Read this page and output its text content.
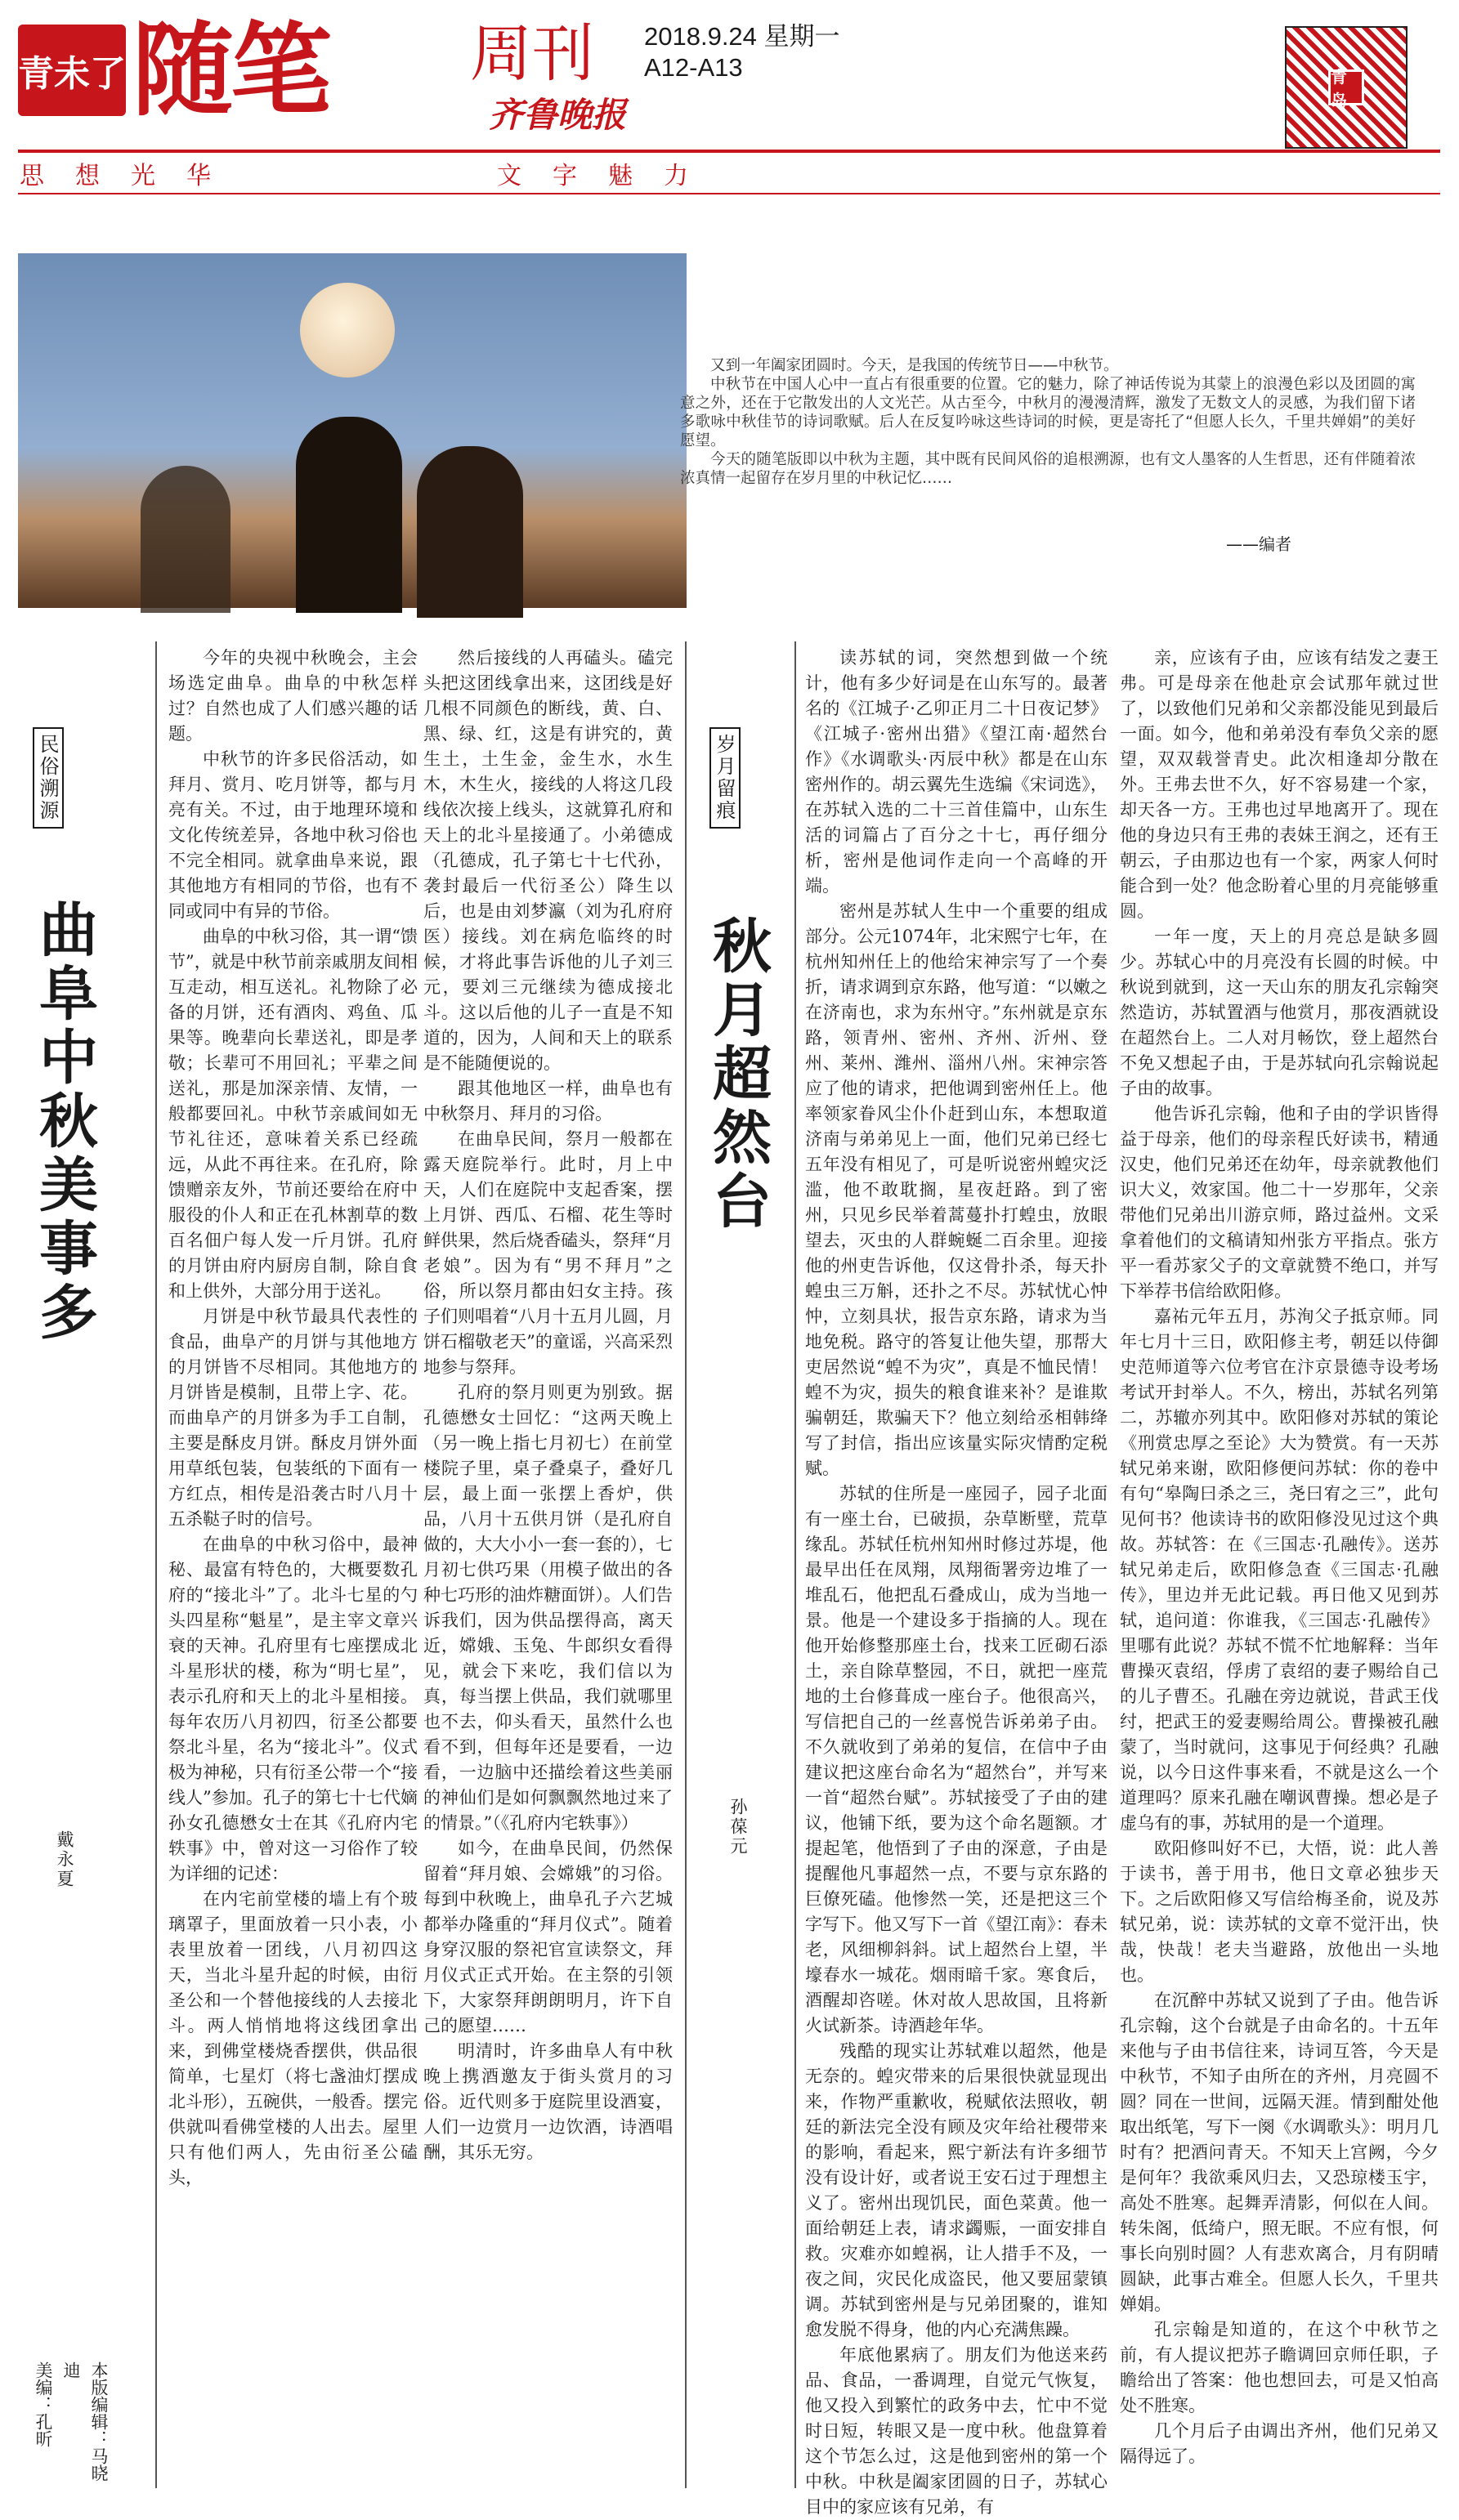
青未了 随笔 周刊
齐鲁晚报
2018.9.24 星期一
A12-A13	青岛
思想光华	文字魅力

又到一年阖家团圆时。今天，是我国的传统节日——中秋节。

中秋节在中国人心中一直占有很重要的位置。它的魅力，除了神话传说为其蒙上的浪漫色彩以及团圆的寓意之外，还在于它散发出的人文光芒。从古至今，中秋月的漫漫清辉，激发了无数文人的灵感，为我们留下诸多歌咏中秋佳节的诗词歌赋。后人在反复吟咏这些诗词的时候，更是寄托了“但愿人长久，千里共婵娟”的美好愿望。

今天的随笔版即以中秋为主题，其中既有民间风俗的追根溯源，也有文人墨客的人生哲思，还有伴随着浓浓真情一起留存在岁月里的中秋记忆……

——编者
民俗溯源
曲阜中秋美事多
戴永夏
本版编辑：马晓迪
美编：孔昕

今年的央视中秋晚会，主会场选定曲阜。曲阜的中秋怎样过？自然也成了人们感兴趣的话题。

中秋节的许多民俗活动，如拜月、赏月、吃月饼等，都与月亮有关。不过，由于地理环境和文化传统差异，各地中秋习俗也不完全相同。就拿曲阜来说，跟其他地方有相同的节俗，也有不同或同中有异的节俗。

曲阜的中秋习俗，其一谓“馈节”，就是中秋节前亲戚朋友间相互走动，相互送礼。礼物除了必备的月饼，还有酒肉、鸡鱼、瓜果等。晚辈向长辈送礼，即是孝敬；长辈可不用回礼；平辈之间送礼，那是加深亲情、友情，一般都要回礼。中秋节亲戚间如无节礼往还，意味着关系已经疏远，从此不再往来。在孔府，除馈赠亲友外，节前还要给在府中服役的仆人和正在孔林割草的数百名佃户每人发一斤月饼。孔府的月饼由府内厨房自制，除自食和上供外，大部分用于送礼。

月饼是中秋节最具代表性的食品，曲阜产的月饼与其他地方的月饼皆不尽相同。其他地方的月饼皆是模制，且带上字、花。而曲阜产的月饼多为手工自制，主要是酥皮月饼。酥皮月饼外面用草纸包装，包装纸的下面有一方红点，相传是沿袭古时八月十五杀鞑子时的信号。

在曲阜的中秋习俗中，最神秘、最富有特色的，大概要数孔府的“接北斗”了。北斗七星的勺头四星称“魁星”，是主宰文章兴衰的天神。孔府里有七座摆成北斗星形状的楼，称为“明七星”，表示孔府和天上的北斗星相接。每年农历八月初四，衍圣公都要祭北斗星，名为“接北斗”。仪式极为神秘，只有衍圣公带一个“接线人”参加。孔子的第七十七代嫡孙女孔德懋女士在其《孔府内宅轶事》中，曾对这一习俗作了较为详细的记述：

在内宅前堂楼的墙上有个玻璃罩子，里面放着一只小表，小表里放着一团线，八月初四这天，当北斗星升起的时候，由衍圣公和一个替他接线的人去接北斗。两人悄悄地将这线团拿出来，到佛堂楼烧香摆供，供品很简单，七星灯（将七盏油灯摆成北斗形），五碗供，一般香。摆完供就叫看佛堂楼的人出去。屋里只有他们两人，先由衍圣公磕头，

然后接线的人再磕头。磕完头把这团线拿出来，这团线是好几根不同颜色的断线，黄、白、黑、绿、红，这是有讲究的，黄生土，土生金，金生水，水生木，木生火，接线的人将这几段线依次接上线头，这就算孔府和天上的北斗星接通了。小弟德成（孔德成，孔子第七十七代孙，袭封最后一代衍圣公）降生以后，也是由刘梦瀛（刘为孔府府医）接线。刘在病危临终的时候，才将此事告诉他的儿子刘三元，要刘三元继续为德成接北斗。这以后他的儿子一直是不知道的，因为，人间和天上的联系是不能随便说的。

跟其他地区一样，曲阜也有中秋祭月、拜月的习俗。

在曲阜民间，祭月一般都在露天庭院举行。此时，月上中天，人们在庭院中支起香案，摆上月饼、西瓜、石榴、花生等时鲜供果，然后烧香磕头，祭拜“月老娘”。因为有“男不拜月”之俗，所以祭月都由妇女主持。孩子们则唱着“八月十五月儿圆，月饼石榴敬老天”的童谣，兴高采烈地参与祭拜。

孔府的祭月则更为别致。据孔德懋女士回忆：“这两天晚上（另一晚上指七月初七）在前堂楼院子里，桌子叠桌子，叠好几层，最上面一张摆上香炉，供品，八月十五供月饼（是孔府自做的，大大小小一套一套的），七月初七供巧果（用模子做出的各种七巧形的油炸糖面饼）。人们告诉我们，因为供品摆得高，离天近，嫦娥、玉兔、牛郎织女看得见，就会下来吃，我们信以为真，每当摆上供品，我们就哪里也不去，仰头看天，虽然什么也看不到，但每年还是要看，一边看，一边脑中还描绘着这些美丽的神仙们是如何飘飘然地过来了的情景。”（《孔府内宅轶事》）

如今，在曲阜民间，仍然保留着“拜月娘、会嫦娥”的习俗。每到中秋晚上，曲阜孔子六艺城都举办隆重的“拜月仪式”。随着身穿汉服的祭祀官宣读祭文，拜月仪式正式开始。在主祭的引领下，大家祭拜朗朗明月，许下自己的愿望……

明清时，许多曲阜人有中秋晚上携酒邀友于街头赏月的习俗。近代则多于庭院里设酒宴，人们一边赏月一边饮酒，诗酒唱酬，其乐无穷。

岁月留痕
秋月超然台
孙葆元

读苏轼的词，突然想到做一个统计，他有多少好词是在山东写的。最著名的《江城子·乙卯正月二十日夜记梦》《江城子·密州出猎》《望江南·超然台作》《水调歌头·丙辰中秋》都是在山东密州作的。胡云翼先生选编《宋词选》，在苏轼入选的二十三首佳篇中，山东生活的词篇占了百分之十七，再仔细分析，密州是他词作走向一个高峰的开端。

密州是苏轼人生中一个重要的组成部分。公元1074年，北宋熙宁七年，在杭州知州任上的他给宋神宗写了一个奏折，请求调到京东路，他写道：“以嫩之在济南也，求为东州守。”东州就是京东路，领青州、密州、齐州、沂州、登州、莱州、潍州、淄州八州。宋神宗答应了他的请求，把他调到密州任上。他率领家眷风尘仆仆赶到山东，本想取道济南与弟弟见上一面，他们兄弟已经七五年没有相见了，可是听说密州蝗灾泛滥，他不敢耽搁，星夜赶路。到了密州，只见乡民举着蒿蔓扑打蝗虫，放眼望去，灭虫的人群蜿蜒二百余里。迎接他的州吏告诉他，仅这骨扑杀，每天扑蝗虫三万斛，还扑之不尽。苏轼忧心忡忡，立刻具状，报告京东路，请求为当地免税。路守的答复让他失望，那帮大吏居然说“蝗不为灾”，真是不恤民情！蝗不为灾，损失的粮食谁来补？是谁欺骗朝廷，欺骗天下？他立刻给丞相韩绛写了封信，指出应该量实际灾情酌定税赋。

苏轼的住所是一座园子，园子北面有一座土台，已破损，杂草断壁，荒草缘乱。苏轼任杭州知州时修过苏堤，他最早出任在凤翔，凤翔衙署旁边堆了一堆乱石，他把乱石叠成山，成为当地一景。他是一个建设多于指摘的人。现在他开始修整那座土台，找来工匠砌石添土，亲自除草整园，不日，就把一座荒地的土台修葺成一座台子。他很高兴，写信把自己的一丝喜悦告诉弟弟子由。不久就收到了弟弟的复信，在信中子由建议把这座台命名为“超然台”，并写来一首“超然台赋”。苏轼接受了子由的建议，他铺下纸，要为这个命名题额。才提起笔，他悟到了子由的深意，子由是提醒他凡事超然一点，不要与京东路的巨僚死磕。他惨然一笑，还是把这三个字写下。他又写下一首《望江南》：春未老，风细柳斜斜。试上超然台上望，半壕春水一城花。烟雨暗千家。寒食后，酒醒却咨嗟。休对故人思故国，且将新火试新茶。诗酒趁年华。

残酷的现实让苏轼难以超然，他是无奈的。蝗灾带来的后果很快就显现出来，作物严重歉收，税赋依法照收，朝廷的新法完全没有顾及灾年给社稷带来的影响，看起来，熙宁新法有许多细节没有设计好，或者说王安石过于理想主义了。密州出现饥民，面色菜黄。他一面给朝廷上表，请求蠲赈，一面安排自救。灾难亦如蝗祸，让人措手不及，一夜之间，灾民化成盗民，他又要屈蒙镇调。苏轼到密州是与兄弟团聚的，谁知愈发脱不得身，他的内心充满焦躁。

年底他累病了。朋友们为他送来药品、食品，一番调理，自觉元气恢复，他又投入到繁忙的政务中去，忙中不觉时日短，转眼又是一度中秋。他盘算着这个节怎么过，这是他到密州的第一个中秋。中秋是阖家团圆的日子，苏轼心目中的家应该有兄弟，有

亲，应该有子由，应该有结发之妻王弗。可是母亲在他赴京会试那年就过世了，以致他们兄弟和父亲都没能见到最后一面。如今，他和弟弟没有奉负父亲的愿望，双双载誉青史。此次相逢却分散在外。王弗去世不久，好不容易建一个家，却天各一方。王弗也过早地离开了。现在他的身边只有王弗的表妹王润之，还有王朝云，子由那边也有一个家，两家人何时能合到一处？他念盼着心里的月亮能够重圆。

一年一度，天上的月亮总是缺多圆少。苏轼心中的月亮没有长圆的时候。中秋说到就到，这一天山东的朋友孔宗翰突然造访，苏轼置酒与他赏月，那夜酒就设在超然台上。二人对月畅饮，登上超然台不免又想起子由，于是苏轼向孔宗翰说起子由的故事。

他告诉孔宗翰，他和子由的学识皆得益于母亲，他们的母亲程氏好读书，精通汉史，他们兄弟还在幼年，母亲就教他们识大义，效家国。他二十一岁那年，父亲带他们兄弟出川游京师，路过益州。文采拿着他们的文稿请知州张方平指点。张方平一看苏家父子的文章就赞不绝口，并写下举荐书信给欧阳修。

嘉祐元年五月，苏洵父子抵京师。同年七月十三日，欧阳修主考，朝廷以侍御史范师道等六位考官在汴京景德寺设考场考试开封举人。不久，榜出，苏轼名列第二，苏辙亦列其中。欧阳修对苏轼的策论《刑赏忠厚之至论》大为赞赏。有一天苏轼兄弟来谢，欧阳修便问苏轼：你的卷中有句“皋陶曰杀之三，尧曰宥之三”，此句见何书？他读诗书的欧阳修没见过这个典故。苏轼答：在《三国志·孔融传》。送苏轼兄弟走后，欧阳修急查《三国志·孔融传》，里边并无此记载。再日他又见到苏轼，追问道：你谁我，《三国志·孔融传》里哪有此说？苏轼不慌不忙地解释：当年曹操灭袁绍，俘虏了袁绍的妻子赐给自己的儿子曹丕。孔融在旁边就说，昔武王伐纣，把武王的爱妻赐给周公。曹操被孔融蒙了，当时就问，这事见于何经典？孔融说，以今日这件事来看，不就是这么一个道理吗？原来孔融在嘲讽曹操。想必是子虚乌有的事，苏轼用的是一个道理。

欧阳修叫好不已，大悟，说：此人善于读书，善于用书，他日文章必独步天下。之后欧阳修又写信给梅圣俞，说及苏轼兄弟，说：读苏轼的文章不觉汗出，快哉，快哉！老夫当避路，放他出一头地也。

在沉醉中苏轼又说到了子由。他告诉孔宗翰，这个台就是子由命名的。十五年来他与子由书信往来，诗词互答，今天是中秋节，不知子由所在的齐州，月亮圆不圆？同在一世间，远隔天涯。情到酣处他取出纸笔，写下一阕《水调歌头》：明月几时有？把酒问青天。不知天上宫阙，今夕是何年？我欲乘风归去，又恐琼楼玉宇，高处不胜寒。起舞弄清影，何似在人间。转朱阁，低绮户，照无眠。不应有恨，何事长向别时圆？人有悲欢离合，月有阴晴圆缺，此事古难全。但愿人长久，千里共婵娟。

孔宗翰是知道的，在这个中秋节之前，有人提议把苏子瞻调回京师任职，子瞻给出了答案：他也想回去，可是又怕高处不胜寒。

几个月后子由调出齐州，他们兄弟又隔得远了。
